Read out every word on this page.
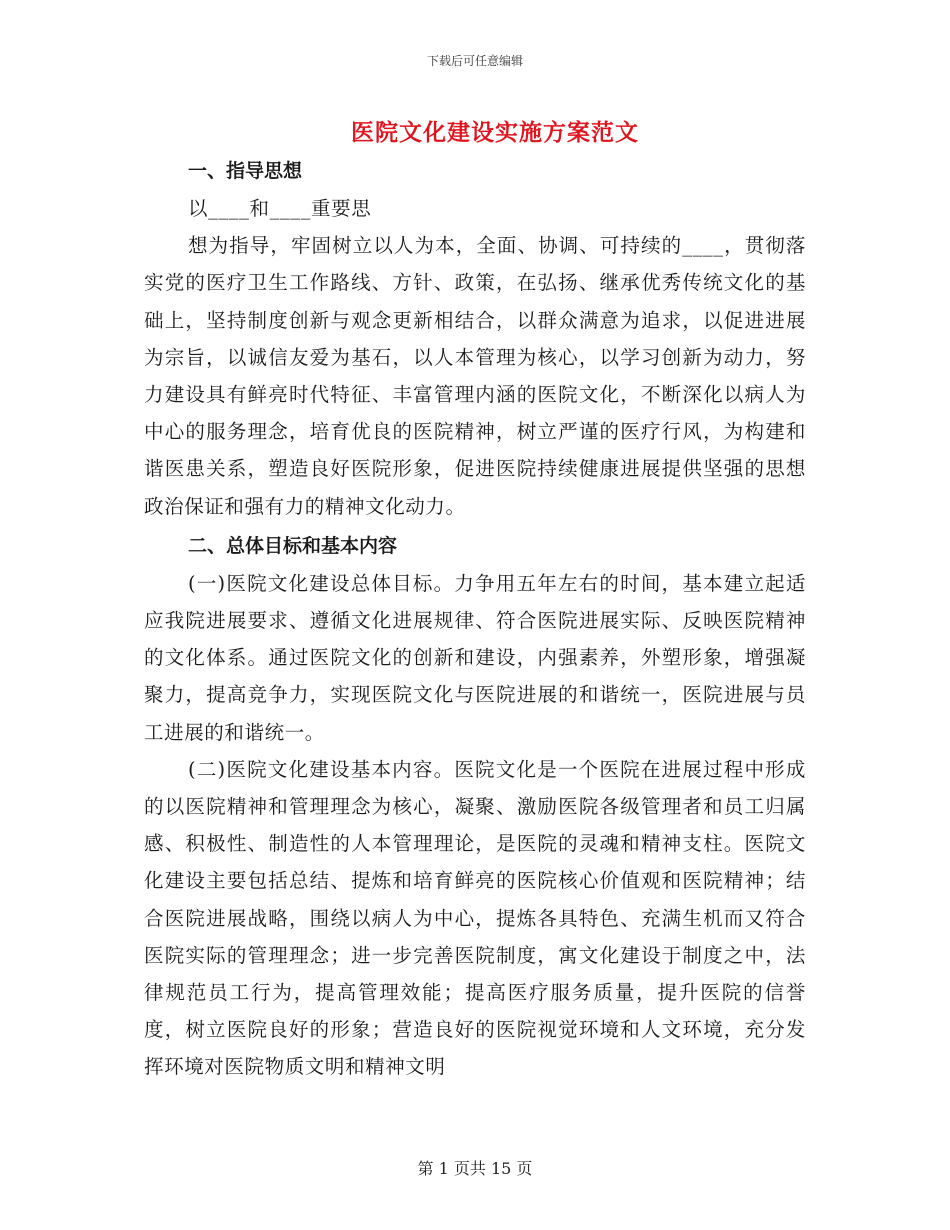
下载后可任意编辑
医院文化建设实施方案范文

一、指导思想

以____和____重要思

想为指导，牢固树立以人为本，全面、协调、可持续的____，贯彻落实党的医疗卫生工作路线、方针、政策，在弘扬、继承优秀传统文化的基础上，坚持制度创新与观念更新相结合，以群众满意为追求，以促进进展为宗旨，以诚信友爱为基石，以人本管理为核心，以学习创新为动力，努力建设具有鲜亮时代特征、丰富管理内涵的医院文化，不断深化以病人为中心的服务理念，培育优良的医院精神，树立严谨的医疗行风，为构建和谐医患关系，塑造良好医院形象，促进医院持续健康进展提供坚强的思想政治保证和强有力的精神文化动力。

二、总体目标和基本内容

(一)医院文化建设总体目标。力争用五年左右的时间，基本建立起适应我院进展要求、遵循文化进展规律、符合医院进展实际、反映医院精神的文化体系。通过医院文化的创新和建设，内强素养，外塑形象，增强凝聚力，提高竞争力，实现医院文化与医院进展的和谐统一，医院进展与员工进展的和谐统一。

(二)医院文化建设基本内容。医院文化是一个医院在进展过程中形成的以医院精神和管理理念为核心，凝聚、激励医院各级管理者和员工归属感、积极性、制造性的人本管理理论，是医院的灵魂和精神支柱。医院文化建设主要包括总结、提炼和培育鲜亮的医院核心价值观和医院精神；结合医院进展战略，围绕以病人为中心，提炼各具特色、充满生机而又符合医院实际的管理理念；进一步完善医院制度，寓文化建设于制度之中，法律规范员工行为，提高管理效能；提高医疗服务质量，提升医院的信誉度，树立医院良好的形象；营造良好的医院视觉环境和人文环境，充分发挥环境对医院物质文明和精神文明

第 1 页共 15 页
